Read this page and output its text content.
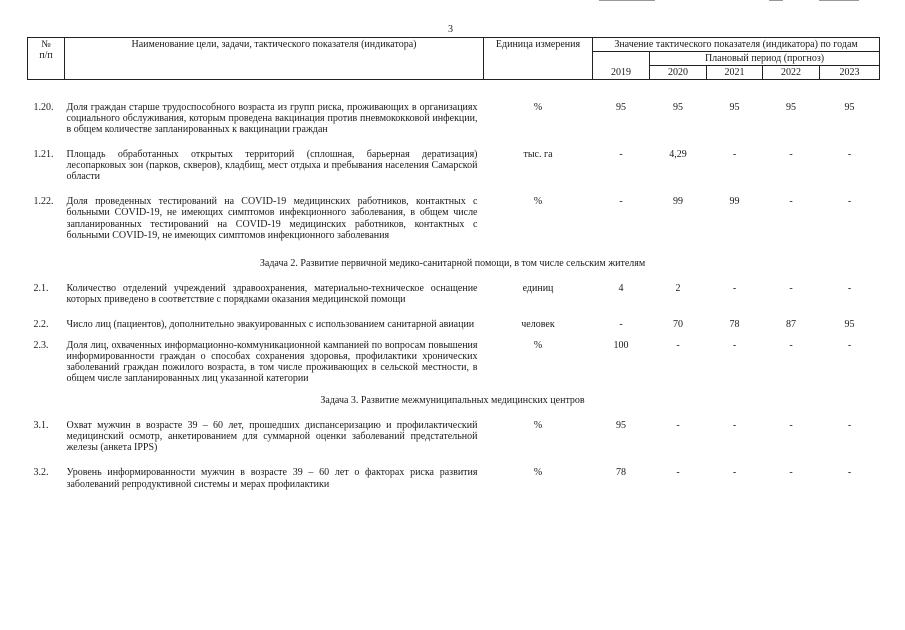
3
№
п/п	Наименование цели, задачи, тактического показателя (индикатора)	Единица измерения	Значение тактического показателя (индикатора) по годам				
				Плановый период (прогноз)			
			2019	2020	2021	2022	2023

1.20.	Доля граждан старше трудоспособного возраста из групп риска, проживающих в организациях социального обслуживания, которым проведена вакцинация против пневмококковой инфекции, в общем количестве запланированных к вакцинации граждан	%	95	95	95	95	95

1.21.	Площадь обработанных открытых территорий (сплошная, барьерная дератизация) лесопарковых зон (парков, скверов), кладбищ, мест отдыха и пребывания населения Самарской области	тыс. га	-	4,29	-	-	-

1.22.	Доля проведенных тестирований на COVID-19 медицинских работников, контактных с больными COVID-19, не имеющих симптомов инфекционного заболевания, в общем числе запланированных тестирований на COVID-19 медицинских работников, контактных с больными COVID-19, не имеющих симптомов инфекционного заболевания	%	-	99	99	-	-

Задача 2. Развитие первичной медико-санитарной помощи, в том числе сельским жителям							

2.1.	Количество отделений учреждений здравоохранения, материально-техническое оснащение которых приведено в соответствие с порядками оказания медицинской помощи	единиц	4	2	-	-	-

2.2.	Число лиц (пациентов), дополнительно эвакуированных с использованием санитарной авиации	человек	-	70	78	87	95

2.3.	Доля лиц, охваченных информационно-коммуникационной кампанией по вопросам повышения информированности граждан о способах сохранения здоровья, профилактики хронических заболеваний граждан пожилого возраста, в том числе проживающих в сельской местности, в общем числе запланированных лиц указанной категории	%	100	-	-	-	-

Задача 3. Развитие межмуниципальных медицинских центров							

3.1.	Охват мужчин в возрасте 39 – 60 лет, прошедших диспансеризацию и профилактический медицинский осмотр, анкетированием для суммарной оценки заболеваний предстательной железы (анкета IPPS)	%	95	-	-	-	-

3.2.	Уровень информированности мужчин в возрасте 39 – 60 лет о факторах риска развития заболеваний репродуктивной системы и мерах профилактики	%	78	-	-	-	-
